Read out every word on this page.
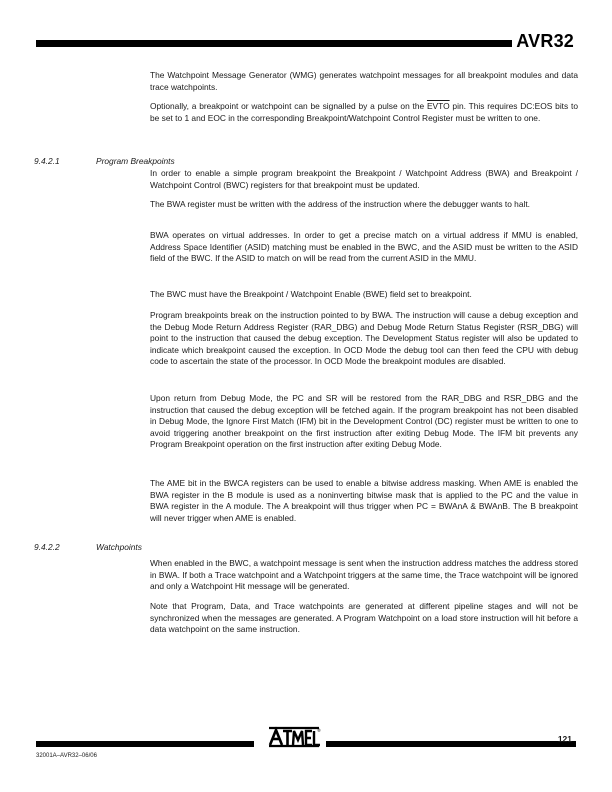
AVR32

The Watchpoint Message Generator (WMG) generates watchpoint messages for all breakpoint modules and data trace watchpoints.

Optionally, a breakpoint or watchpoint can be signalled by a pulse on the EVTO pin. This requires DC:EOS bits to be set to 1 and EOC in the corresponding Breakpoint/Watchpoint Control Register must be written to one.

9.4.2.1	Program Breakpoints

In order to enable a simple program breakpoint the Breakpoint / Watchpoint Address (BWA) and Breakpoint / Watchpoint Control (BWC) registers for that breakpoint must be updated.

The BWA register must be written with the address of the instruction where the debugger wants to halt.

BWA operates on virtual addresses. In order to get a precise match on a virtual address if MMU is enabled, Address Space Identifier (ASID) matching must be enabled in the BWC, and the ASID must be written to the ASID field of the BWC. If the ASID to match on will be read from the current ASID in the MMU.

The BWC must have the Breakpoint / Watchpoint Enable (BWE) field set to breakpoint.

Program breakpoints break on the instruction pointed to by BWA. The instruction will cause a debug exception and the Debug Mode Return Address Register (RAR_DBG) and Debug Mode Return Status Register (RSR_DBG) will point to the instruction that caused the debug exception. The Development Status register will also be updated to indicate which breakpoint caused the exception. In OCD Mode the debug tool can then feed the CPU with debug code to ascertain the state of the processor. In OCD Mode the breakpoint modules are disabled.

Upon return from Debug Mode, the PC and SR will be restored from the RAR_DBG and RSR_DBG and the instruction that caused the debug exception will be fetched again. If the program breakpoint has not been disabled in Debug Mode, the Ignore First Match (IFM) bit in the Development Control (DC) register must be written to one to avoid triggering another breakpoint on the first instruction after exiting Debug Mode. The IFM bit prevents any Program Breakpoint operation on the first instruction after exiting Debug Mode.

The AME bit in the BWCA registers can be used to enable a bitwise address masking. When AME is enabled the BWA register in the B module is used as a noninverting bitwise mask that is applied to the PC and the value in BWA register in the A module. The A breakpoint will thus trigger when PC = BWAnA & BWAnB. The B breakpoint will never trigger when AME is enabled.

9.4.2.2	Watchpoints

When enabled in the BWC, a watchpoint message is sent when the instruction address matches the address stored in BWA. If both a Trace watchpoint and a Watchpoint triggers at the same time, the Trace watchpoint will be ignored and only a Watchpoint Hit message will be generated.

Note that Program, Data, and Trace watchpoints are generated at different pipeline stages and will not be synchronized when the messages are generated. A Program Watchpoint on a load store instruction will hit before a data watchpoint on the same instruction.

®
32001A–AVR32–06/06
121
